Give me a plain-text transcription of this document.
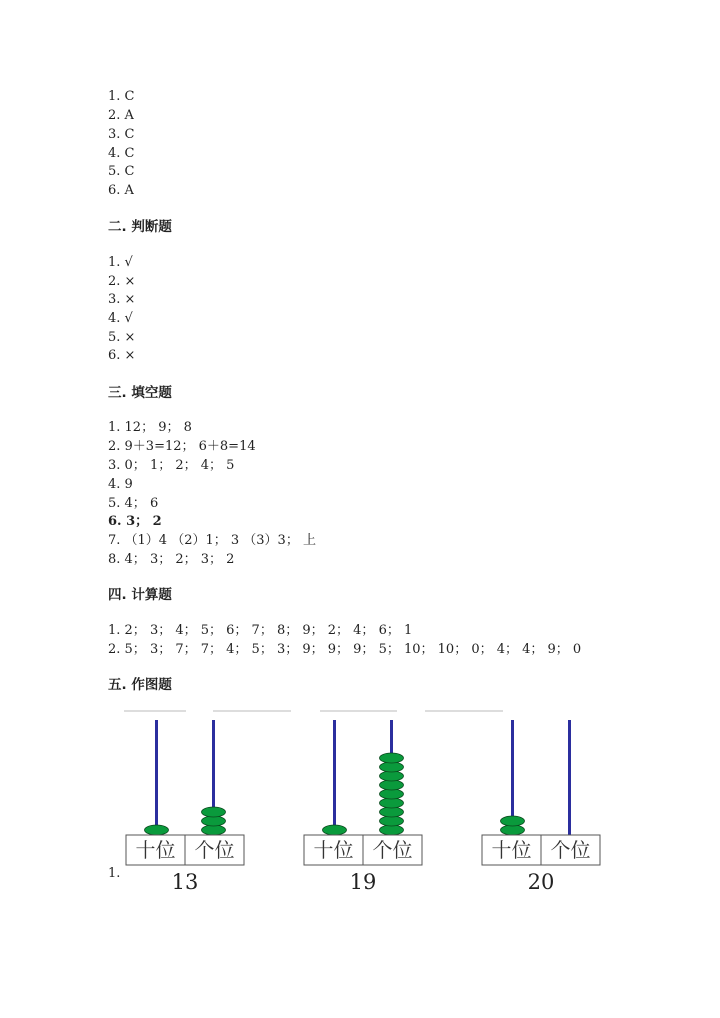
1. C
2. A
3. C
4. C
5. C
6. A
二. 判断题
1. √
2. ×
3. ×
4. √
5. ×
6. ×
三. 填空题
1. 12； 9； 8
2. 9＋3=12； 6＋8=14
3. 0； 1； 2； 4； 5
4. 9
5. 4； 6
6. 3； 2
7. （1）4 （2）1； 3 （3）3； 上
8. 4； 3； 2； 3； 2
四. 计算题
1. 2； 3； 4； 5； 6； 7； 8； 9； 2； 4； 6； 1
2. 5； 3； 7； 7； 4； 5； 3； 9； 9； 9； 5； 10； 10； 0； 4； 4； 9； 0
五. 作图题
1.
十位 个位
13
十位 个位
19
十位 个位
20
